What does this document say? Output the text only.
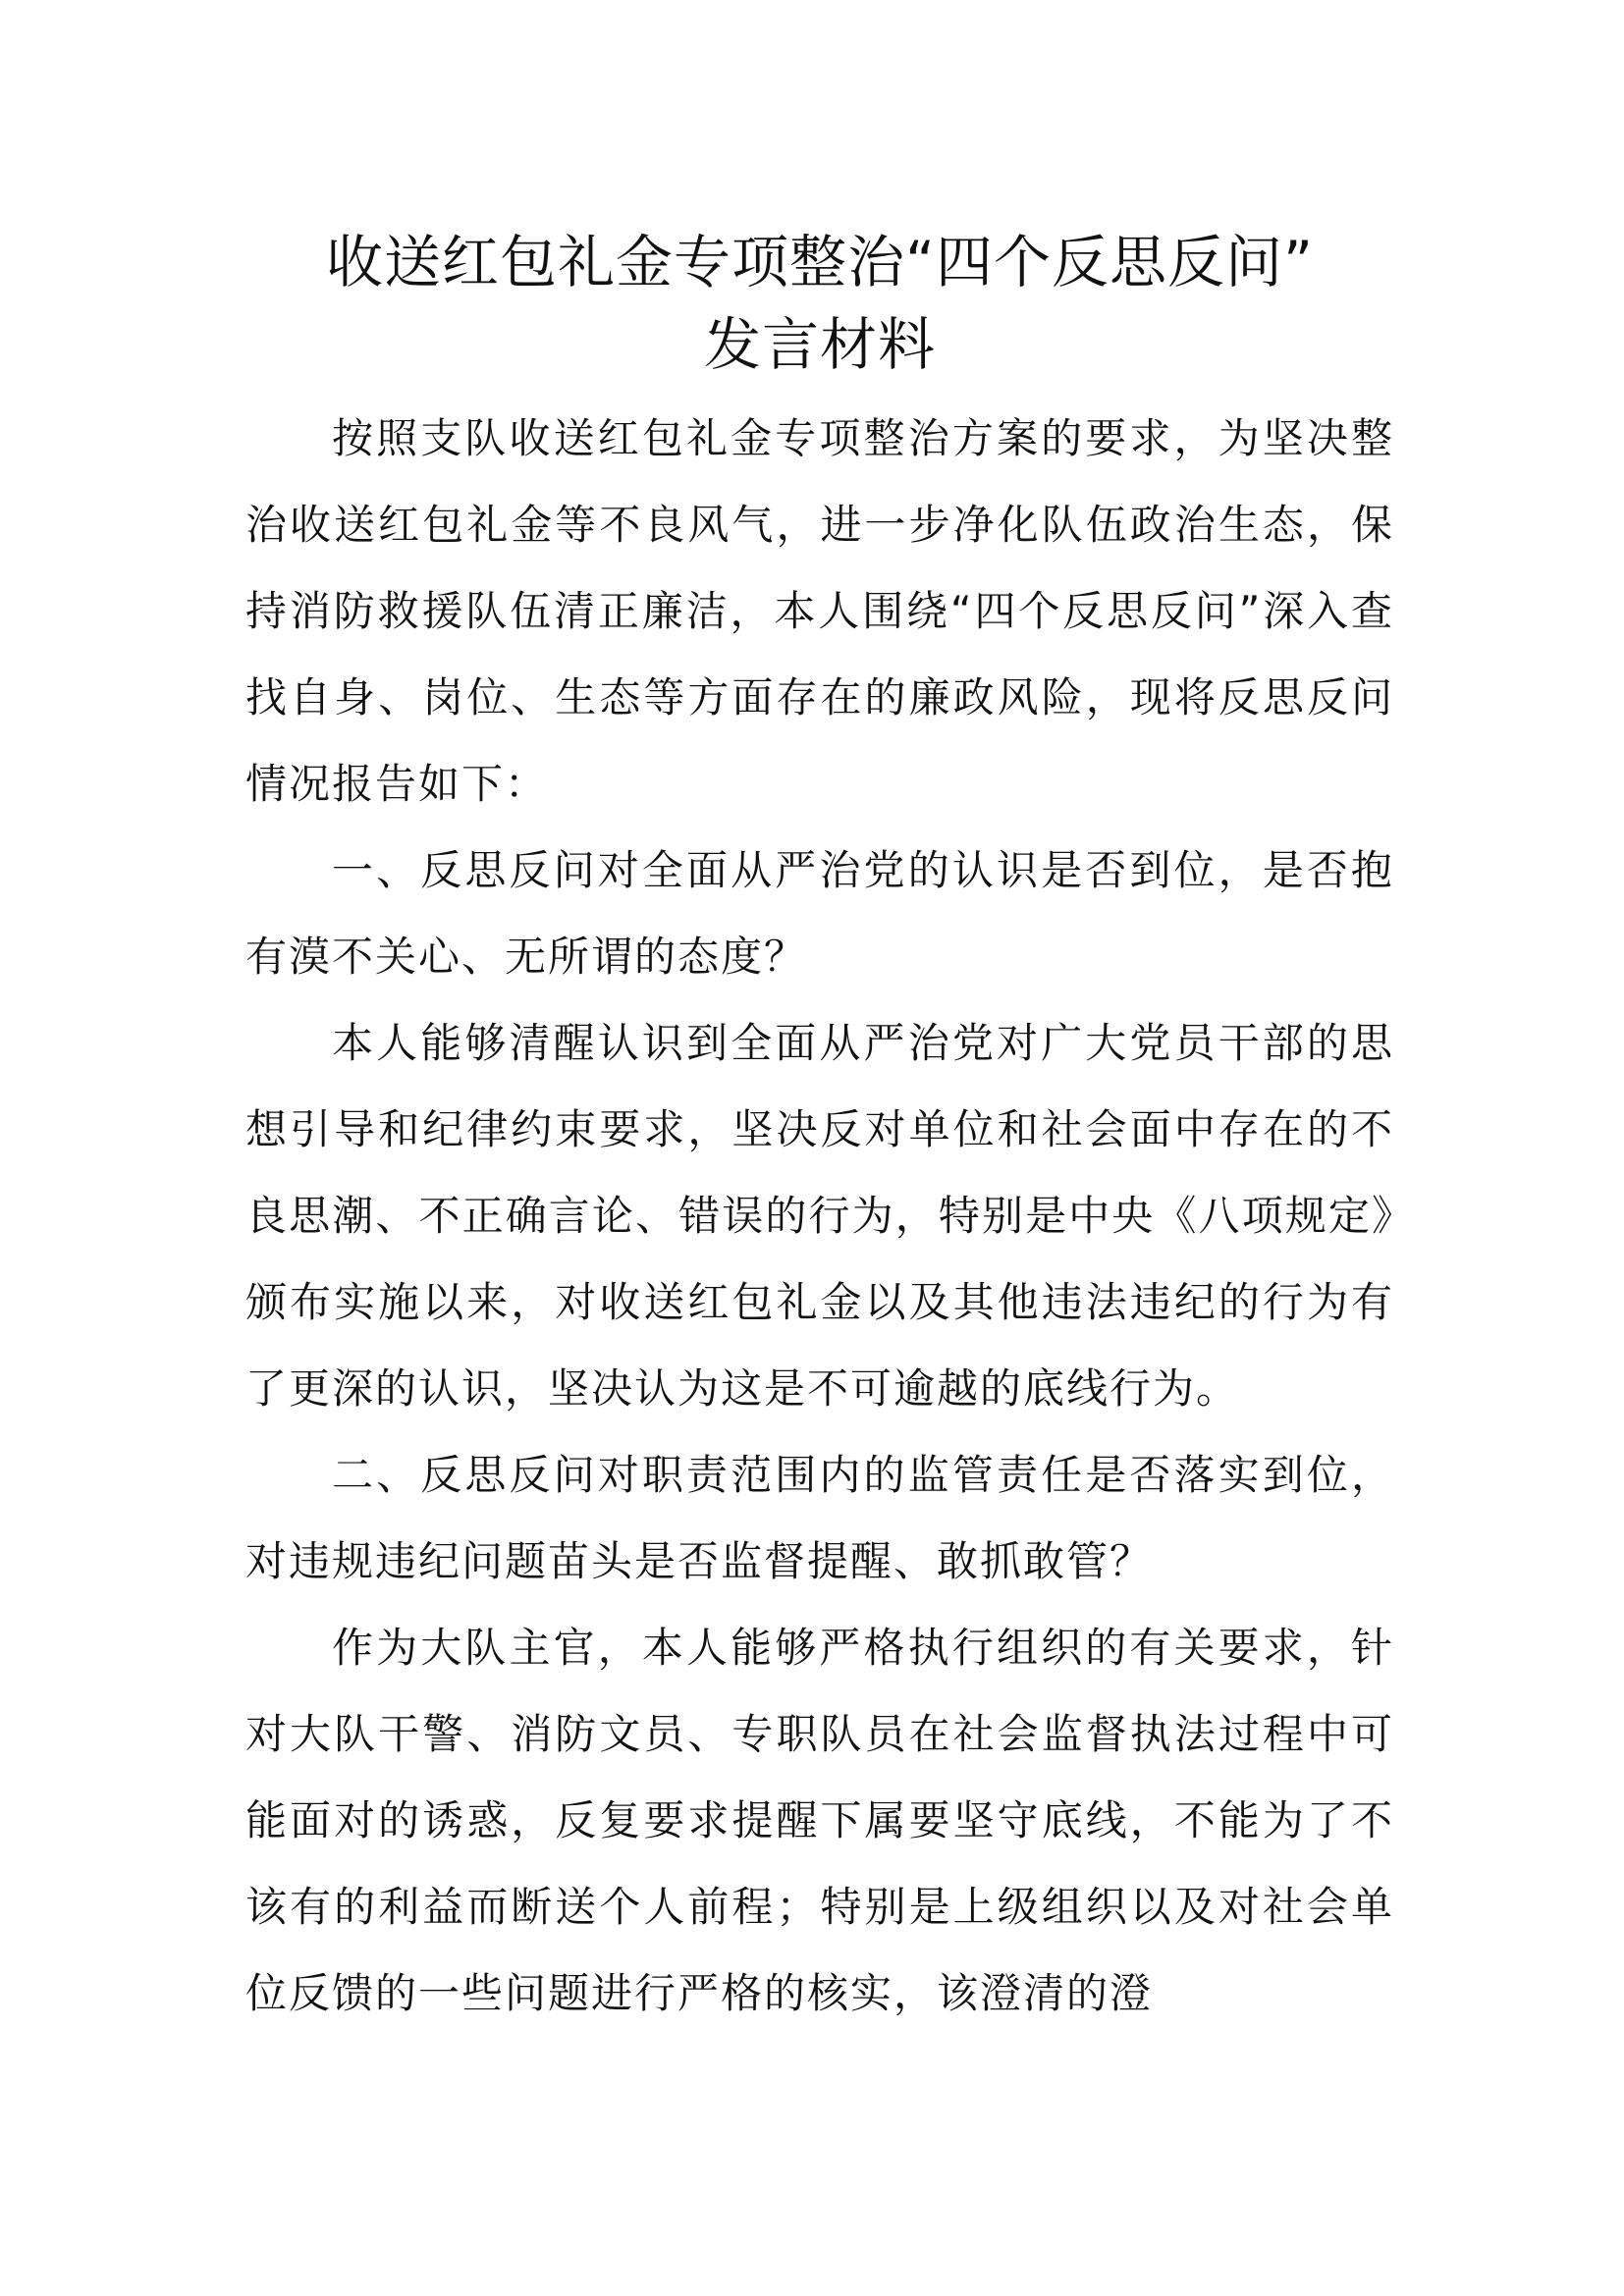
收送红包礼金专项整治“四个反思反问”
发言材料

按照支队收送红包礼金专项整治方案的要求，为坚决整治收送红包礼金等不良风气，进一步净化队伍政治生态，保持消防救援队伍清正廉洁，本人围绕“四个反思反问”深入查找自身、岗位、生态等方面存在的廉政风险，现将反思反问情况报告如下：

一、反思反问对全面从严治党的认识是否到位，是否抱有漠不关心、无所谓的态度？

本人能够清醒认识到全面从严治党对广大党员干部的思想引导和纪律约束要求，坚决反对单位和社会面中存在的不良思潮、不正确言论、错误的行为，特别是中央《八项规定》颁布实施以来，对收送红包礼金以及其他违法违纪的行为有了更深的认识，坚决认为这是不可逾越的底线行为。

二、反思反问对职责范围内的监管责任是否落实到位，对违规违纪问题苗头是否监督提醒、敢抓敢管？

作为大队主官，本人能够严格执行组织的有关要求，针对大队干警、消防文员、专职队员在社会监督执法过程中可能面对的诱惑，反复要求提醒下属要坚守底线，不能为了不该有的利益而断送个人前程；特别是上级组织以及对社会单位反馈的一些问题进行严格的核实，该澄清的澄
